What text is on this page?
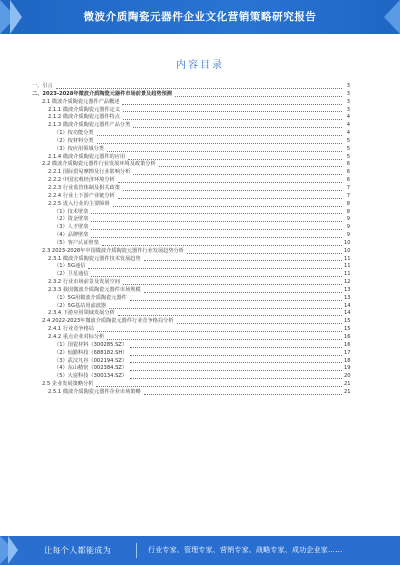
微波介质陶瓷元器件企业文化营销策略研究报告
内容目录
一、引言	3
二、2023-2028年微波介质陶瓷元器件市场前景及趋势预测	3
2.1 微波介质陶瓷元器件产品概述	3
2.1.1 微波介质陶瓷元器件定义	3
2.1.2 微波介质陶瓷元器件特点	4
2.1.3 微波介质陶瓷元器件产品分类	4
（1）按功能分类	4
（2）按材料分类	5
（3）按应用领域分类	5
2.1.4 微波介质陶瓷元器件的应用	5
2.2 微波介质陶瓷元器件行业发展环境及政策分析	6
2.2.1 国际贸易摩擦及行业影响分析	6
2.2.2 中国宏观经济环境分析	6
2.2.3 行业监管体制及相关政策	7
2.2.4 行业上下游产业链分析	7
2.2.5 进入行业的主要障碍	8
（1）技术壁垒	8
（2）资金壁垒	9
（3）人才壁垒	9
（4）品牌壁垒	9
（5）客户认证壁垒	10
2.3 2023-2028年中国微波介质陶瓷元器件行业发展趋势分析	10
2.3.1 微波介质陶瓷元器件技术发展趋势	11
（1）5G通信	11
（2）卫星通信	11
2.3.2 行业市场前景及发展空间	12
2.3.3 我国微波介质陶瓷元器件市场规模	13
（1）5G用微波介质陶瓷元器件	13
（2）5G基站用滤波器	14
2.3.4 下游应用领域发展分析	14
2.4 2022-2023年微波介质陶瓷元器件行业竞争格局分析	15
2.4.1 行业竞争格局	15
2.4.2 重点企业对标分析	16
（1）国瓷材料（300285.SZ）	16
（2）灿勤科技（688182.SH）	17
（3）武汉凡谷（002194.SZ）	18
（4）东山精密（002384.SZ）	19
（5）大富科技（300134.SZ）	20
2.5 企业发展策略分析	21
2.5.1 微波介质陶瓷元器件企业市场策略	21
让每个人都能成为	行业专家、管理专家、营销专家、战略专家、成功企业家……
